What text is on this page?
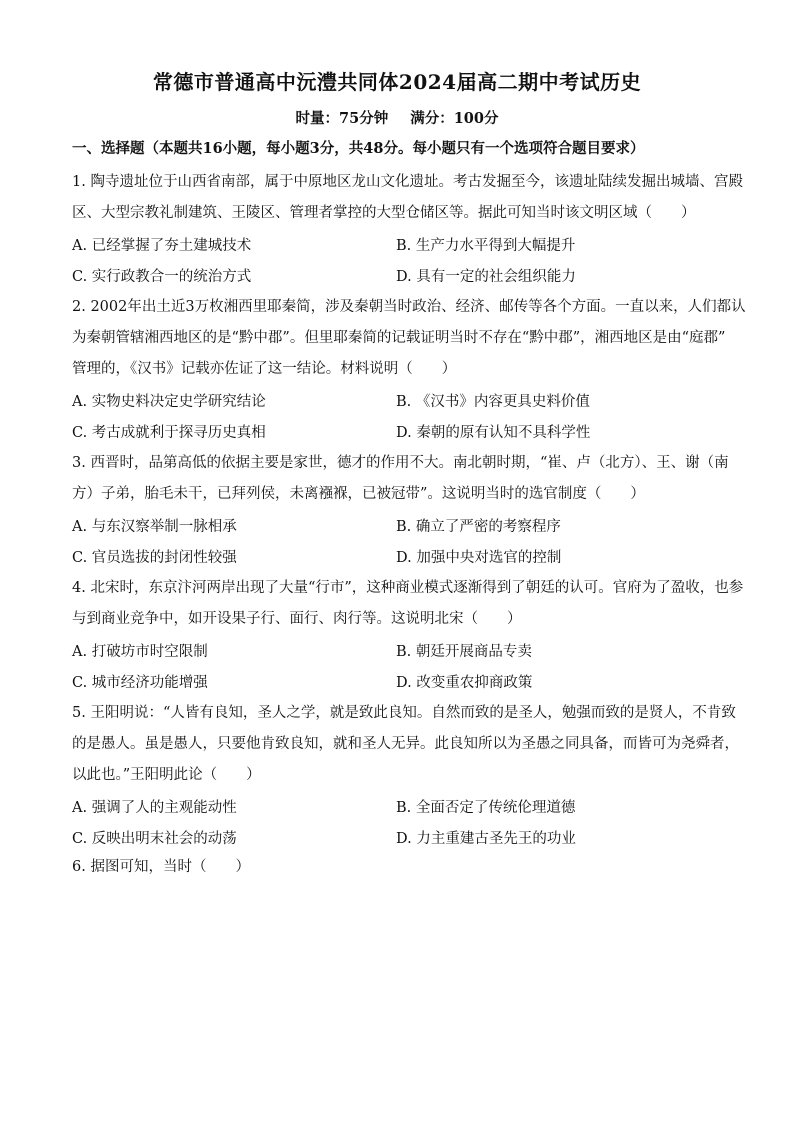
常德市普通高中沅澧共同体2024届高二期中考试历史
时量：75分钟 满分：100分
一、选择题（本题共16小题，每小题3分，共48分。每小题只有一个选项符合题目要求）
1. 陶寺遗址位于山西省南部，属于中原地区龙山文化遗址。考古发掘至今，该遗址陆续发掘出城墙、宫殿
区、大型宗教礼制建筑、王陵区、管理者掌控的大型仓储区等。据此可知当时该文明区域（　　）
A. 已经掌握了夯土建城技术	B. 生产力水平得到大幅提升
C. 实行政教合一的统治方式	D. 具有一定的社会组织能力
2. 2002年出土近3万枚湘西里耶秦简，涉及秦朝当时政治、经济、邮传等各个方面。一直以来，人们都认
为秦朝管辖湘西地区的是“黔中郡”。但里耶秦简的记载证明当时不存在“黔中郡”，湘西地区是由“庭郡”
管理的，《汉书》记载亦佐证了这一结论。材料说明（　　）
A. 实物史料决定史学研究结论	B. 《汉书》内容更具史料价值
C. 考古成就利于探寻历史真相	D. 秦朝的原有认知不具科学性
3. 西晋时，品第高低的依据主要是家世，德才的作用不大。南北朝时期，“崔、卢（北方）、王、谢（南
方）子弟，胎毛未干，已拜列侯，未离襁褓，已被冠带”。这说明当时的选官制度（　　）
A. 与东汉察举制一脉相承	B. 确立了严密的考察程序
C. 官员选拔的封闭性较强	D. 加强中央对选官的控制
4. 北宋时，东京汴河两岸出现了大量“行市”，这种商业模式逐渐得到了朝廷的认可。官府为了盈收，也参
与到商业竞争中，如开设果子行、面行、肉行等。这说明北宋（　　）
A. 打破坊市时空限制	B. 朝廷开展商品专卖
C. 城市经济功能增强	D. 改变重农抑商政策
5. 王阳明说：“人皆有良知，圣人之学，就是致此良知。自然而致的是圣人，勉强而致的是贤人，不肯致
的是愚人。虽是愚人，只要他肯致良知，就和圣人无异。此良知所以为圣愚之同具备，而皆可为尧舜者，
以此也。”王阳明此论（　　）
A. 强调了人的主观能动性	B. 全面否定了传统伦理道德
C. 反映出明末社会的动荡	D. 力主重建古圣先王的功业
6. 据图可知，当时（　　）
